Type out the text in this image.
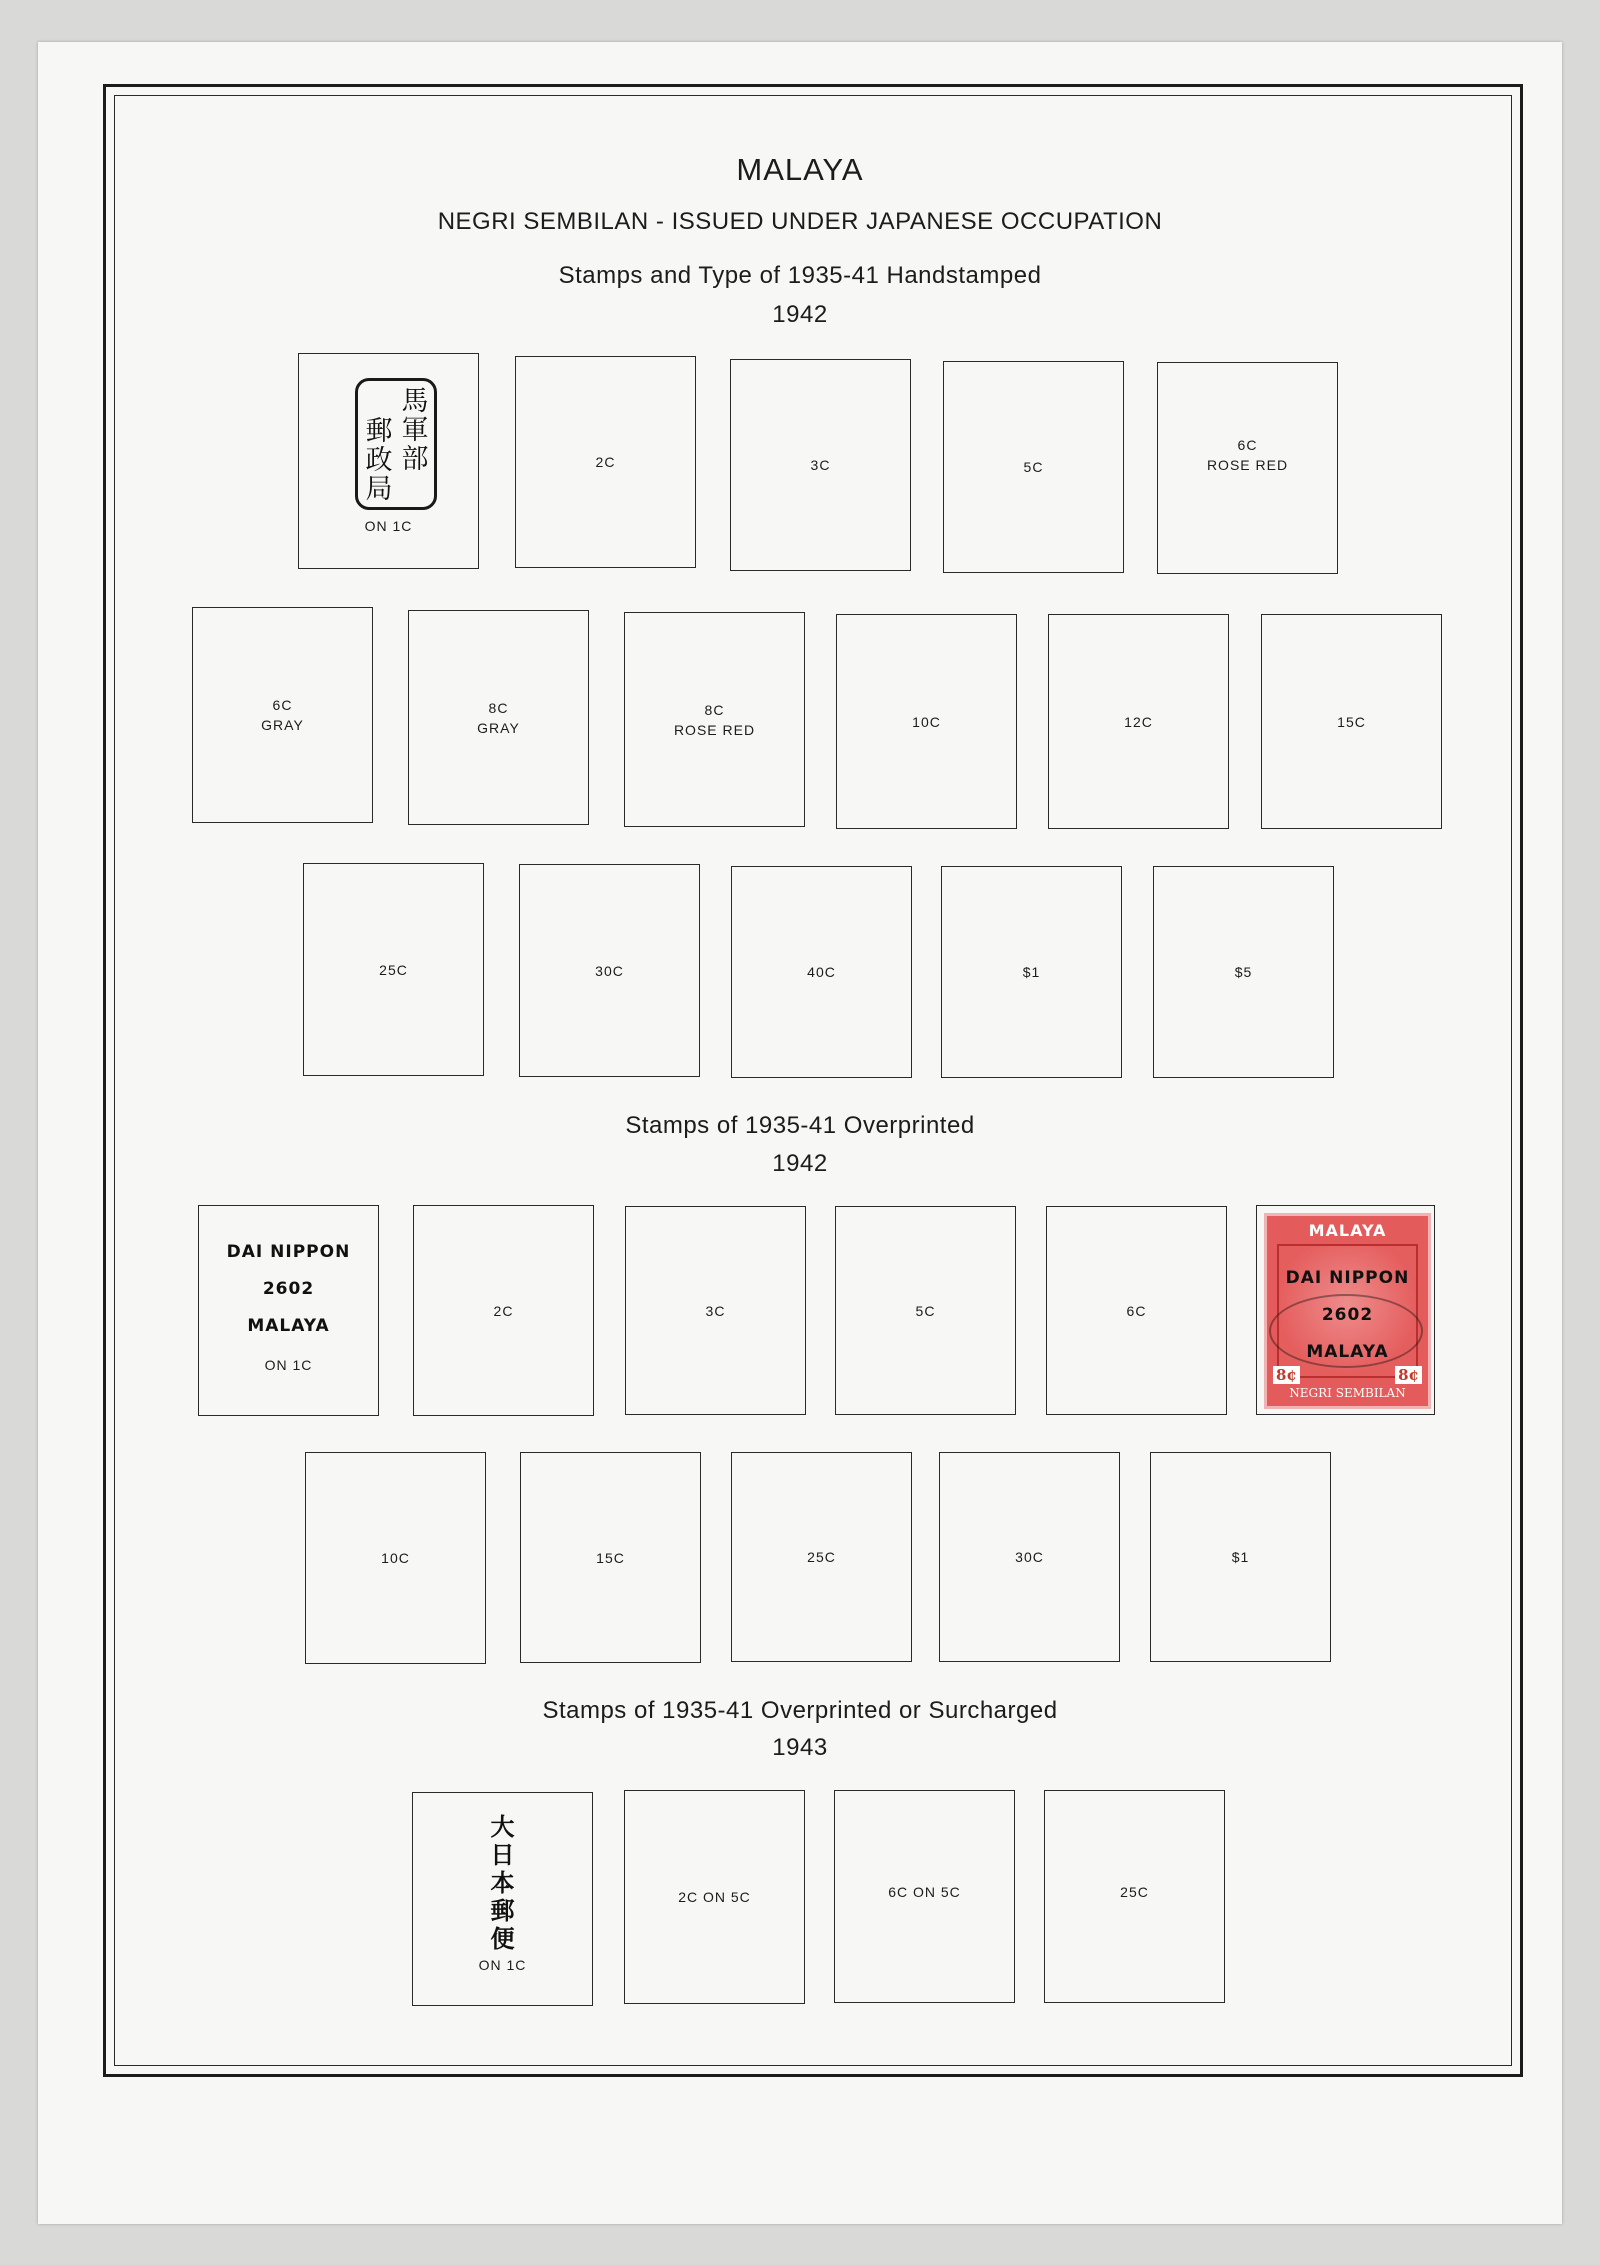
MALAYA
NEGRI SEMBILAN - ISSUED UNDER JAPANESE OCCUPATION
Stamps and Type of 1935-41 Handstamped
1942
馬
軍
部
郵
政
局
ON 1C
2C	3C	5C
6C
ROSE RED
6C
GRAY
8C
GRAY
8C
ROSE RED	10C	12C	15C
25C	30C	40C	$1	$5
Stamps of 1935-41 Overprinted
1942
DAI NIPPON
2602
MALAYA
ON 1C
2C	3C	5C	6C
MALAYA
8¢	8¢
DAI NIPPON
2602
MALAYA
NEGRI SEMBILAN
10C	15C	25C	30C	$1
Stamps of 1935-41 Overprinted or Surcharged
1943
大
日
本
郵
便
ON 1C
2C ON 5C	6C ON 5C	25C
